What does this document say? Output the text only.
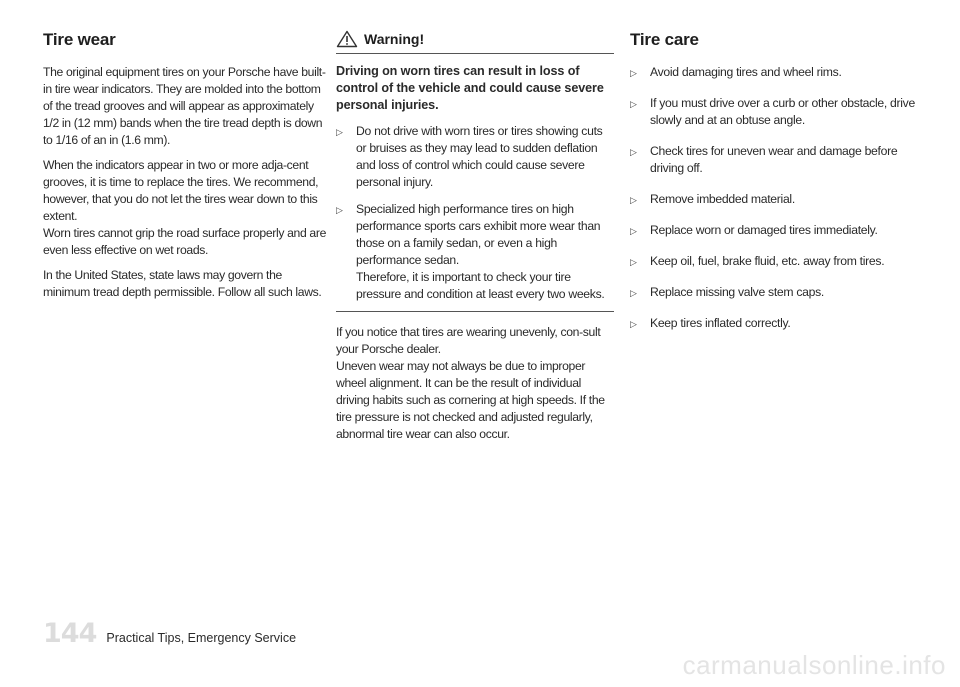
Tire wear

The original equipment tires on your Porsche have built-in tire wear indicators. They are molded into the bottom of the tread grooves and will appear as approximately 1/2 in (12 mm) bands when the tire tread depth is down to 1/16 of an in (1.6 mm).

When the indicators appear in two or more adja-cent grooves, it is time to replace the tires. We recommend, however, that you do not let the tires wear down to this extent.

Worn tires cannot grip the road surface properly and are even less effective on wet roads.

In the United States, state laws may govern the minimum tread depth permissible. Follow all such laws.

Warning!
Driving on worn tires can result in loss of control of the vehicle and could cause severe personal injuries.
▷ Do not drive with worn tires or tires showing cuts or bruises as they may lead to sudden deflation and loss of control which could cause severe personal injury.
▷ Specialized high performance tires on high performance sports cars exhibit more wear than those on a family sedan, or even a high performance sedan.
Therefore, it is important to check your tire pressure and condition at least every two weeks.

If you notice that tires are wearing unevenly, con-sult your Porsche dealer.

Uneven wear may not always be due to improper wheel alignment. It can be the result of individual driving habits such as cornering at high speeds. If the tire pressure is not checked and adjusted regularly, abnormal tire wear can also occur.

Tire care
▷ Avoid damaging tires and wheel rims.
▷ If you must drive over a curb or other obstacle, drive slowly and at an obtuse angle.
▷ Check tires for uneven wear and damage before driving off.
▷ Remove imbedded material.
▷ Replace worn or damaged tires immediately.
▷ Keep oil, fuel, brake fluid, etc. away from tires.
▷ Replace missing valve stem caps.
▷ Keep tires inflated correctly.
144 Practical Tips, Emergency Service
carmanualsonline.info
